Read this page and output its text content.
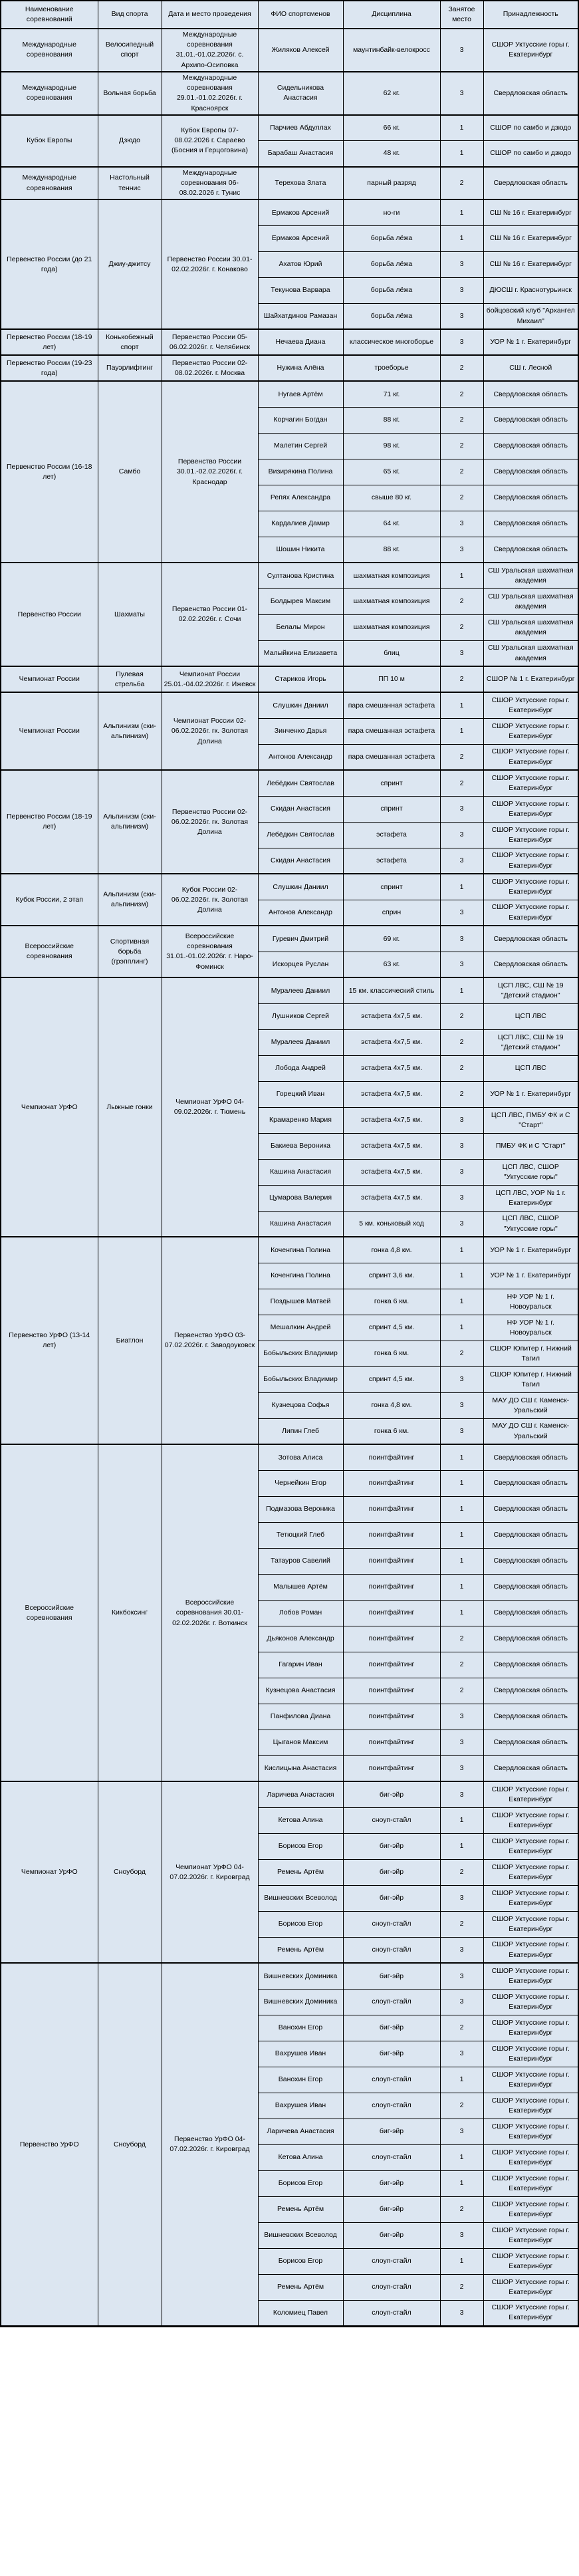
Наименование соревнований	Вид спорта	Дата и место проведения	ФИО спортсменов	Дисциплина	Занятое место	Принадлежность
Международные соревнования	Велосипедный спорт	Международные соревнования 31.01.-01.02.2026г. с. Архипо-Осиповка	Жиляков Алексей	маунтинбайк-велокросс	3	СШОР Уктусские горы г. Екатеринбург
Международные соревнования	Вольная борьба	Международные соревнования 29.01.-01.02.2026г. г. Красноярск	Сидельникова Анастасия	62 кг.	3	Свердловская область
Кубок Европы	Дзюдо	Кубок Европы 07-08.02.2026 г. Сараево (Босния и Герцоговина)	Парчиев Абдуллах	66 кг.	1	СШОР по самбо и дзюдо
			Барабаш Анастасия	48 кг.	1	СШОР по самбо и дзюдо
Международные соревнования	Настольный теннис	Международные соревнования 06-08.02.2026 г. Тунис	Терехова Злата	парный разряд	2	Свердловская область
Первенство России (до 21 года)	Джиу-джитсу	Первенство России 30.01-02.02.2026г. г. Конаково	Ермаков Арсений	но-ги	1	СШ № 16 г. Екатеринбург
			Ермаков Арсений	борьба лёжа	1	СШ № 16 г. Екатеринбург
			Ахатов Юрий	борьба лёжа	3	СШ № 16 г. Екатеринбург
			Текунова Варвара	борьба лёжа	3	ДЮСШ г. Краснотурьинск
			Шайхатдинов Рамазан	борьба лёжа	3	бойцовский клуб "Архангел Михаил"
Первенство России (18-19 лет)	Конькобежный спорт	Первенство России 05-06.02.2026г. г. Челябинск	Нечаева Диана	классическое многоборье	3	УОР № 1 г. Екатеринбург
Первенство России (19-23 года)	Пауэрлифтинг	Первенство России 02-08.02.2026г. г. Москва	Нужина Алёна	троеборье	2	СШ г. Лесной
Первенство России (16-18 лет)	Самбо	Первенство России 30.01.-02.02.2026г. г. Краснодар	Нугаев Артём	71 кг.	2	Свердловская область
			Корчагин Богдан	88 кг.	2	Свердловская область
			Малетин Сергей	98 кг.	2	Свердловская область
			Визирякина Полина	65 кг.	2	Свердловская область
			Репях Александра	свыше 80 кг.	2	Свердловская область
			Кардалиев Дамир	64 кг.	3	Свердловская область
			Шошин Никита	88 кг.	3	Свердловская область
Первенство России	Шахматы	Первенство России 01-02.02.2026г. г. Сочи	Султанова Кристина	шахматная композиция	1	СШ Уральская шахматная академия
			Болдырев Максим	шахматная композиция	2	СШ Уральская шахматная академия
			Белалы Мирон	шахматная композиция	2	СШ Уральская шахматная академия
			Малыйкина Елизавета	блиц	3	СШ Уральская шахматная академия
Чемпионат России	Пулевая стрельба	Чемпионат России 25.01.-04.02.2026г. г. Ижевск	Стариков Игорь	ПП 10 м	2	СШОР № 1 г. Екатеринбург
Чемпионат России	Альпинизм (ски-альпинизм)	Чемпионат России 02-06.02.2026г. гк. Золотая Долина	Слушкин Даниил	пара смешанная эстафета	1	СШОР Уктусские горы г. Екатеринбург
			Зинченко Дарья	пара смешанная эстафета	1	СШОР Уктусские горы г. Екатеринбург
			Антонов Александр	пара смешанная эстафета	2	СШОР Уктусские горы г. Екатеринбург
Первенство России (18-19 лет)	Альпинизм (ски-альпинизм)	Первенство России 02-06.02.2026г. гк. Золотая Долина	Лебёдкин Святослав	спринт	2	СШОР Уктусские горы г. Екатеринбург
			Скидан Анастасия	спринт	3	СШОР Уктусские горы г. Екатеринбург
			Лебёдкин Святослав	эстафета	3	СШОР Уктусские горы г. Екатеринбург
			Скидан Анастасия	эстафета	3	СШОР Уктусские горы г. Екатеринбург
Кубок России, 2 этап	Альпинизм (ски-альпинизм)	Кубок России 02-06.02.2026г. гк. Золотая Долина	Слушкин Даниил	спринт	1	СШОР Уктусские горы г. Екатеринбург
			Антонов Александр	сприн	3	СШОР Уктусские горы г. Екатеринбург
Всероссийские соревнования	Спортивная борьба (грэпплинг)	Всероссийские соревнования 31.01.-01.02.2026г. г. Наро-Фоминск	Гуревич Дмитрий	69 кг.	3	Свердловская область
			Искорцев Руслан	63 кг.	3	Свердловская область
Чемпионат УрФО	Лыжные гонки	Чемпионат УрФО 04-09.02.2026г. г. Тюмень	Муралеев Даниил	15 км. классический стиль	1	ЦСП ЛВС, СШ № 19 "Детский стадион"
			Лушников Сергей	эстафета 4х7,5 км.	2	ЦСП ЛВС
			Муралеев Даниил	эстафета 4х7,5 км.	2	ЦСП ЛВС, СШ № 19 "Детский стадион"
			Лобода Андрей	эстафета 4х7,5 км.	2	ЦСП ЛВС
			Горецкий Иван	эстафета 4х7,5 км.	2	УОР № 1 г. Екатеринбург
			Крамаренко Мария	эстафета 4х7,5 км.	3	ЦСП ЛВС, ПМБУ ФК и С "Старт"
			Бакиева Вероника	эстафета 4х7,5 км.	3	ПМБУ ФК и С "Старт"
			Кашина Анастасия	эстафета 4х7,5 км.	3	ЦСП ЛВС, СШОР "Уктусские горы"
			Цумарова Валерия	эстафета 4х7,5 км.	3	ЦСП ЛВС, УОР № 1 г. Екатеринбург
			Кашина Анастасия	5 км. коньковый ход	3	ЦСП ЛВС, СШОР "Уктусские горы"
Первенство УрФО (13-14 лет)	Биатлон	Первенство УрФО 03-07.02.2026г. г. Заводоуковск	Коченгина Полина	гонка 4,8 км.	1	УОР № 1 г. Екатеринбург
			Коченгина Полина	спринт 3,6 км.	1	УОР № 1 г. Екатеринбург
			Поздышев Матвей	гонка 6 км.	1	НФ УОР № 1 г. Новоуральск
			Мешалкин Андрей	спринт 4,5 км.	1	НФ УОР № 1 г. Новоуральск
			Бобыльских Владимир	гонка 6 км.	2	СШОР Юпитер г. Нижний Тагил
			Бобыльских Владимир	спринт 4,5 км.	3	СШОР Юпитер г. Нижний Тагил
			Кузнецова Софья	гонка 4,8 км.	3	МАУ ДО СШ г. Каменск-Уральский
			Липин Глеб	гонка 6 км.	3	МАУ ДО СШ г. Каменск-Уральский
Всероссийские соревнования	Кикбоксинг	Всероссийские соревнования 30.01-02.02.2026г. г. Воткинск	Зотова Алиса	поинтфайтинг	1	Свердловская область
			Чернейкин Егор	поинтфайтинг	1	Свердловская область
			Подмазова Вероника	поинтфайтинг	1	Свердловская область
			Тетюцкий Глеб	поинтфайтинг	1	Свердловская область
			Татауров Савелий	поинтфайтинг	1	Свердловская область
			Малышев Артём	поинтфайтинг	1	Свердловская область
			Лобов Роман	поинтфайтинг	1	Свердловская область
			Дьяконов Александр	поинтфайтинг	2	Свердловская область
			Гагарин Иван	поинтфайтинг	2	Свердловская область
			Кузнецова Анастасия	поинтфайтинг	2	Свердловская область
			Панфилова Диана	поинтфайтинг	3	Свердловская область
			Цыганов Максим	поинтфайтинг	3	Свердловская область
			Кислицына Анастасия	поинтфайтинг	3	Свердловская область
Чемпионат УрФО	Сноуборд	Чемпионат УрФО 04-07.02.2026г. г. Кировград	Ларичева Анастасия	биг-эйр	3	СШОР Уктусские горы г. Екатеринбург
			Кетова Алина	сноуп-стайл	1	СШОР Уктусские горы г. Екатеринбург
			Борисов Егор	биг-эйр	1	СШОР Уктусские горы г. Екатеринбург
			Ремень Артём	биг-эйр	2	СШОР Уктусские горы г. Екатеринбург
			Вишневских Всеволод	биг-эйр	3	СШОР Уктусские горы г. Екатеринбург
			Борисов Егор	сноуп-стайл	2	СШОР Уктусские горы г. Екатеринбург
			Ремень Артём	сноуп-стайл	3	СШОР Уктусские горы г. Екатеринбург
Первенство УрФО	Сноуборд	Первенство УрФО 04-07.02.2026г. г. Кировград	Вишневских Доминика	биг-эйр	3	СШОР Уктусские горы г. Екатеринбург
			Вишневских Доминика	слоуп-стайл	3	СШОР Уктусские горы г. Екатеринбург
			Ванохин Егор	биг-эйр	2	СШОР Уктусские горы г. Екатеринбург
			Вахрушев Иван	биг-эйр	3	СШОР Уктусские горы г. Екатеринбург
			Ванохин Егор	слоуп-стайл	1	СШОР Уктусские горы г. Екатеринбург
			Вахрушев Иван	слоуп-стайл	2	СШОР Уктусские горы г. Екатеринбург
			Ларичева Анастасия	биг-эйр	3	СШОР Уктусские горы г. Екатеринбург
			Кетова Алина	слоуп-стайл	1	СШОР Уктусские горы г. Екатеринбург
			Борисов Егор	биг-эйр	1	СШОР Уктусские горы г. Екатеринбург
			Ремень Артём	биг-эйр	2	СШОР Уктусские горы г. Екатеринбург
			Вишневских Всеволод	биг-эйр	3	СШОР Уктусские горы г. Екатеринбург
			Борисов Егор	слоуп-стайл	1	СШОР Уктусские горы г. Екатеринбург
			Ремень Артём	слоуп-стайл	2	СШОР Уктусские горы г. Екатеринбург
			Коломиец Павел	слоуп-стайл	3	СШОР Уктусские горы г. Екатеринбург
